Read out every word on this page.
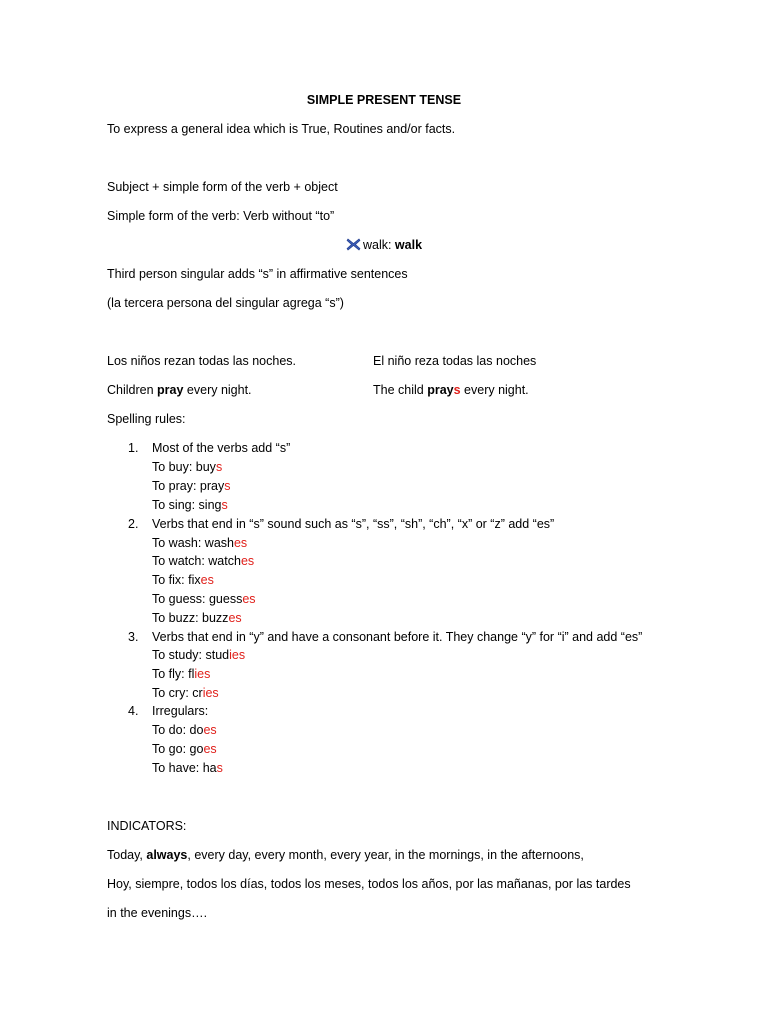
SIMPLE PRESENT TENSE
To express a general idea which is True, Routines and/or facts.
Subject + simple form of the verb + object
Simple form of the verb: Verb without “to”
walk: walk
Third person singular adds “s” in affirmative sentences
(la tercera persona del singular agrega “s”)
Los niños rezan todas las noches.	El niño reza todas las noches
Children pray every night.	The child prays every night.
Spelling rules:
1.	Most of the verbs add “s”
To buy: buys
To pray: prays
To sing: sings
2.	Verbs that end in “s” sound such as “s”, “ss”, “sh”, “ch”, “x” or “z” add “es”
To wash: washes
To watch: watches
To fix: fixes
To guess: guesses
To buzz: buzzes
3.	Verbs that end in “y” and have a consonant before it. They change “y” for “i” and add “es”
To study: studies
To fly: flies
To cry: cries
4.	Irregulars:
To do: does
To go: goes
To have: has
INDICATORS:
Today, always, every day, every month, every year, in the mornings, in the afternoons,
Hoy, siempre, todos los días, todos los meses, todos los años, por las mañanas, por las tardes
in the evenings….
